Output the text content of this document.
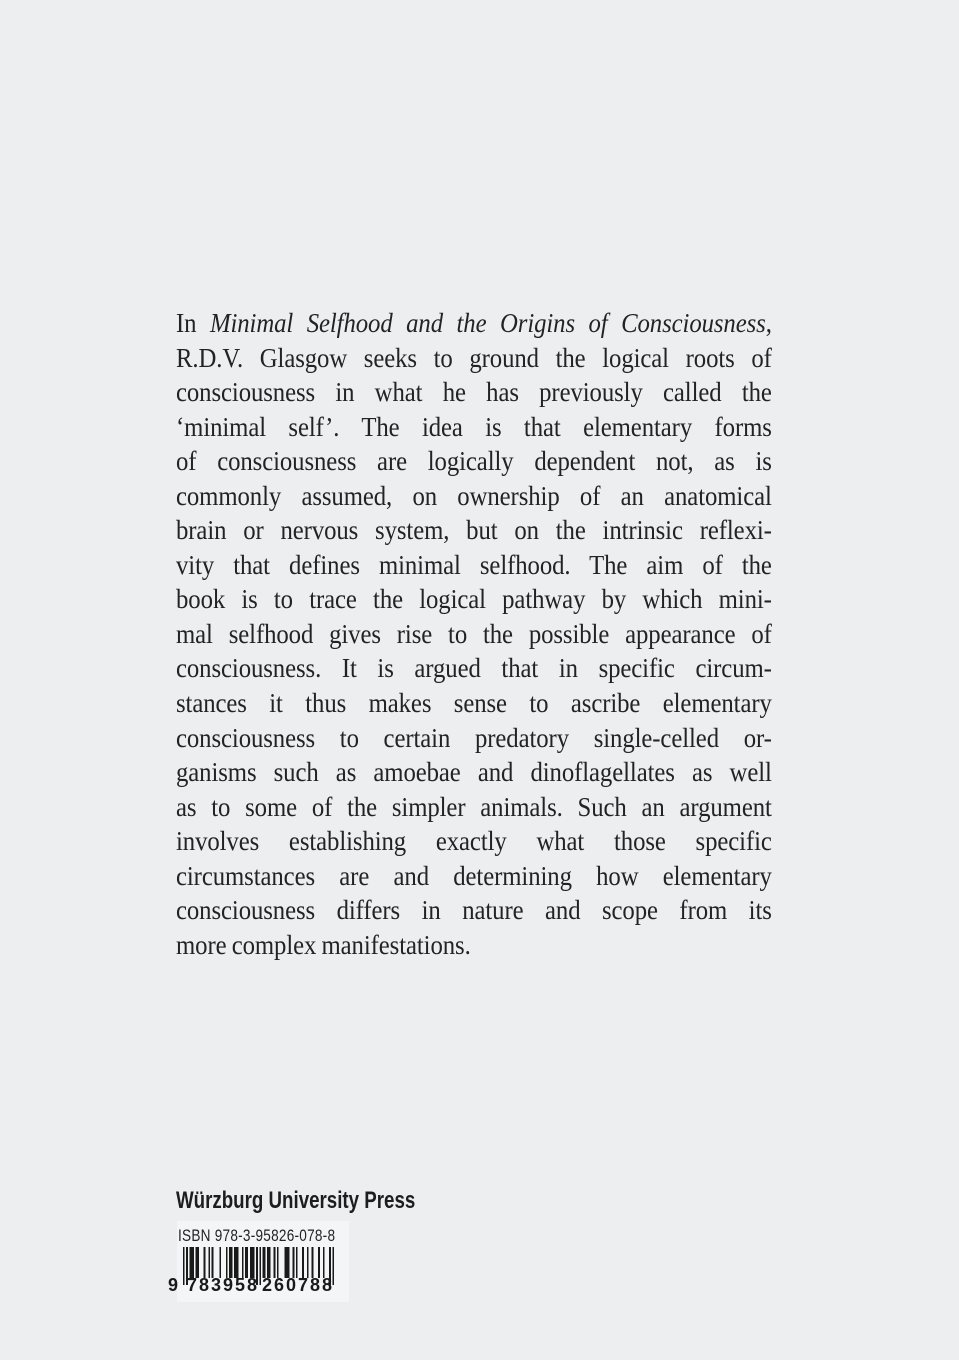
In Minimal Selfhood and the Origins of Consciousness,
R.D.V. Glasgow seeks to ground the logical roots of
consciousness in what he has previously called the
‘minimal self’. The idea is that elementary forms
of consciousness are logically dependent not, as is
commonly assumed, on ownership of an anatomical
brain or nervous system, but on the intrinsic reflexi-
vity that defines minimal selfhood. The aim of the
book is to trace the logical pathway by which mini-
mal selfhood gives rise to the possible appearance of
consciousness. It is argued that in specific circum-
stances it thus makes sense to ascribe elementary
consciousness to certain predatory single-celled or-
ganisms such as amoebae and dinoflagellates as well
as to some of the simpler animals. Such an argument
involves establishing exactly what those specific
circumstances are and determining how elementary
consciousness differs in nature and scope from its
more complex manifestations.
Würzburg University Press
ISBN 978-3-95826-078-8
9 783958 260788
